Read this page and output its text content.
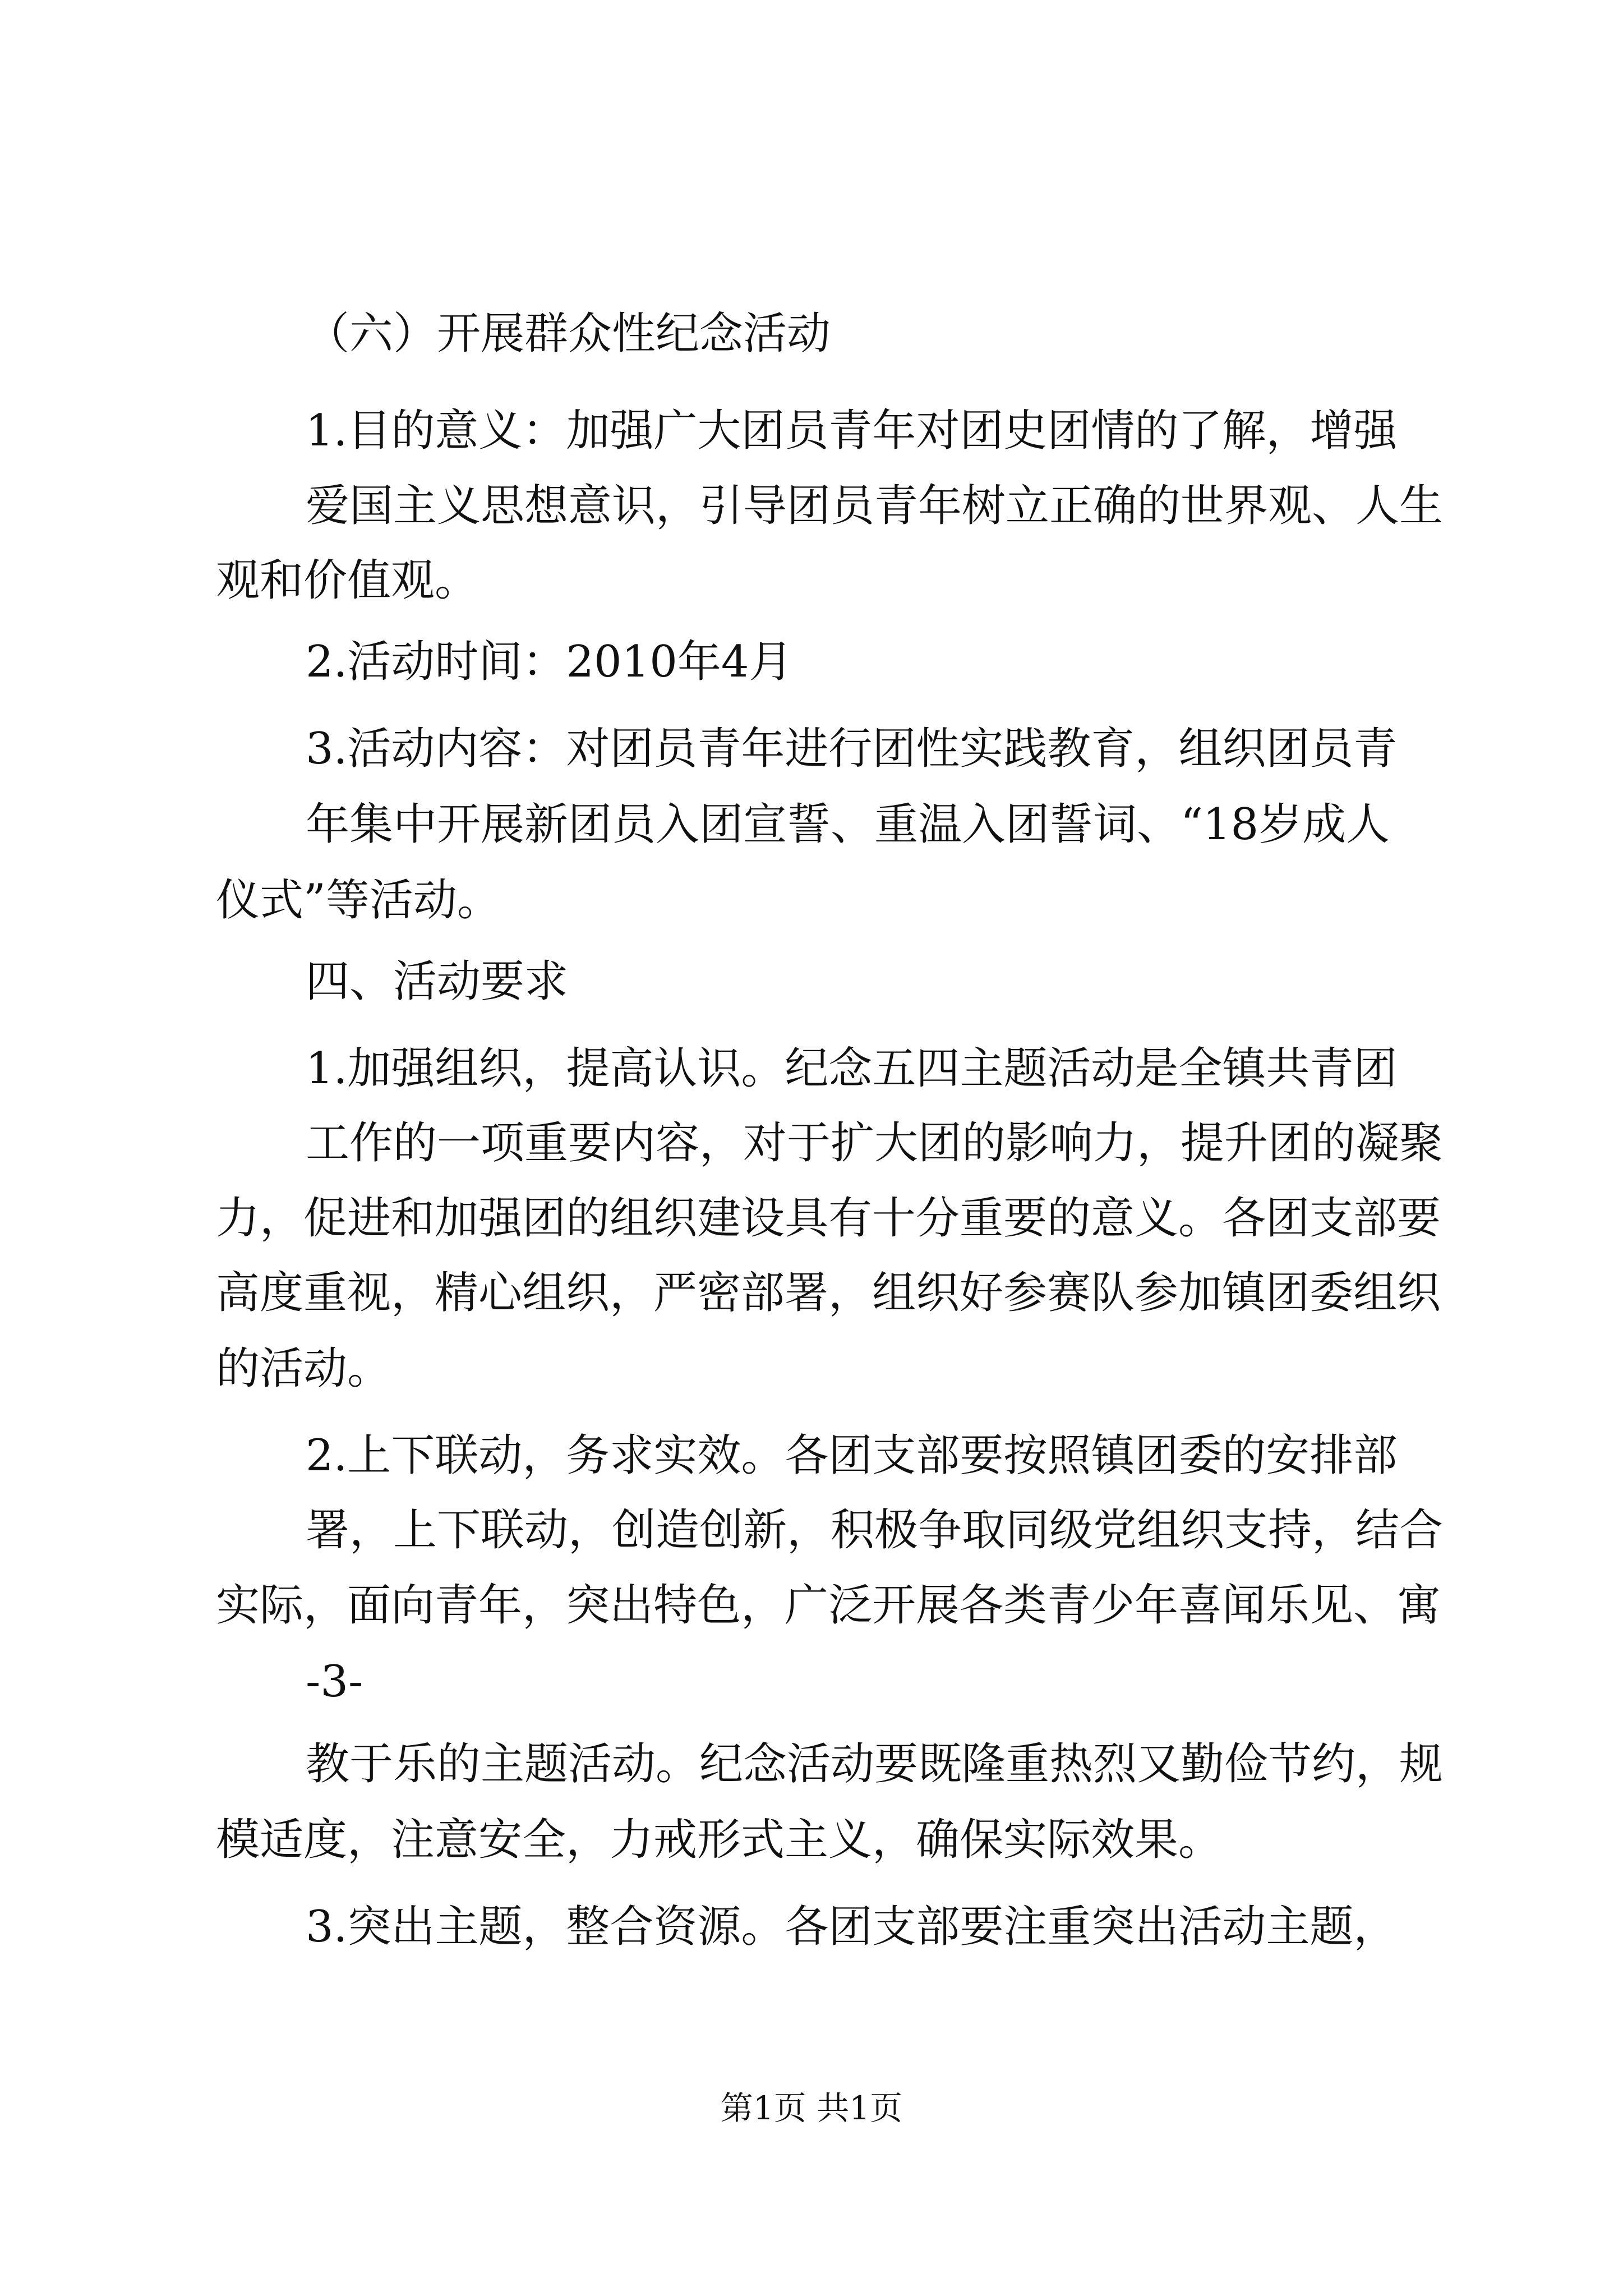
（六）开展群众性纪念活动

1.目的意义：加强广大团员青年对团史团情的了解，增强

爱国主义思想意识，引导团员青年树立正确的世界观、人生

观和价值观。

2.活动时间：2010年4月

3.活动内容：对团员青年进行团性实践教育，组织团员青

年集中开展新团员入团宣誓、重温入团誓词、“18岁成人

仪式”等活动。

四、活动要求

1.加强组织，提高认识。纪念五四主题活动是全镇共青团

工作的一项重要内容，对于扩大团的影响力，提升团的凝聚

力，促进和加强团的组织建设具有十分重要的意义。各团支部要

高度重视，精心组织，严密部署，组织好参赛队参加镇团委组织

的活动。

2.上下联动，务求实效。各团支部要按照镇团委的安排部

署，上下联动，创造创新，积极争取同级党组织支持，结合

实际，面向青年，突出特色，广泛开展各类青少年喜闻乐见、寓

-3-

教于乐的主题活动。纪念活动要既隆重热烈又勤俭节约，规

模适度，注意安全，力戒形式主义，确保实际效果。

3.突出主题，整合资源。各团支部要注重突出活动主题，

第1页 共1页
